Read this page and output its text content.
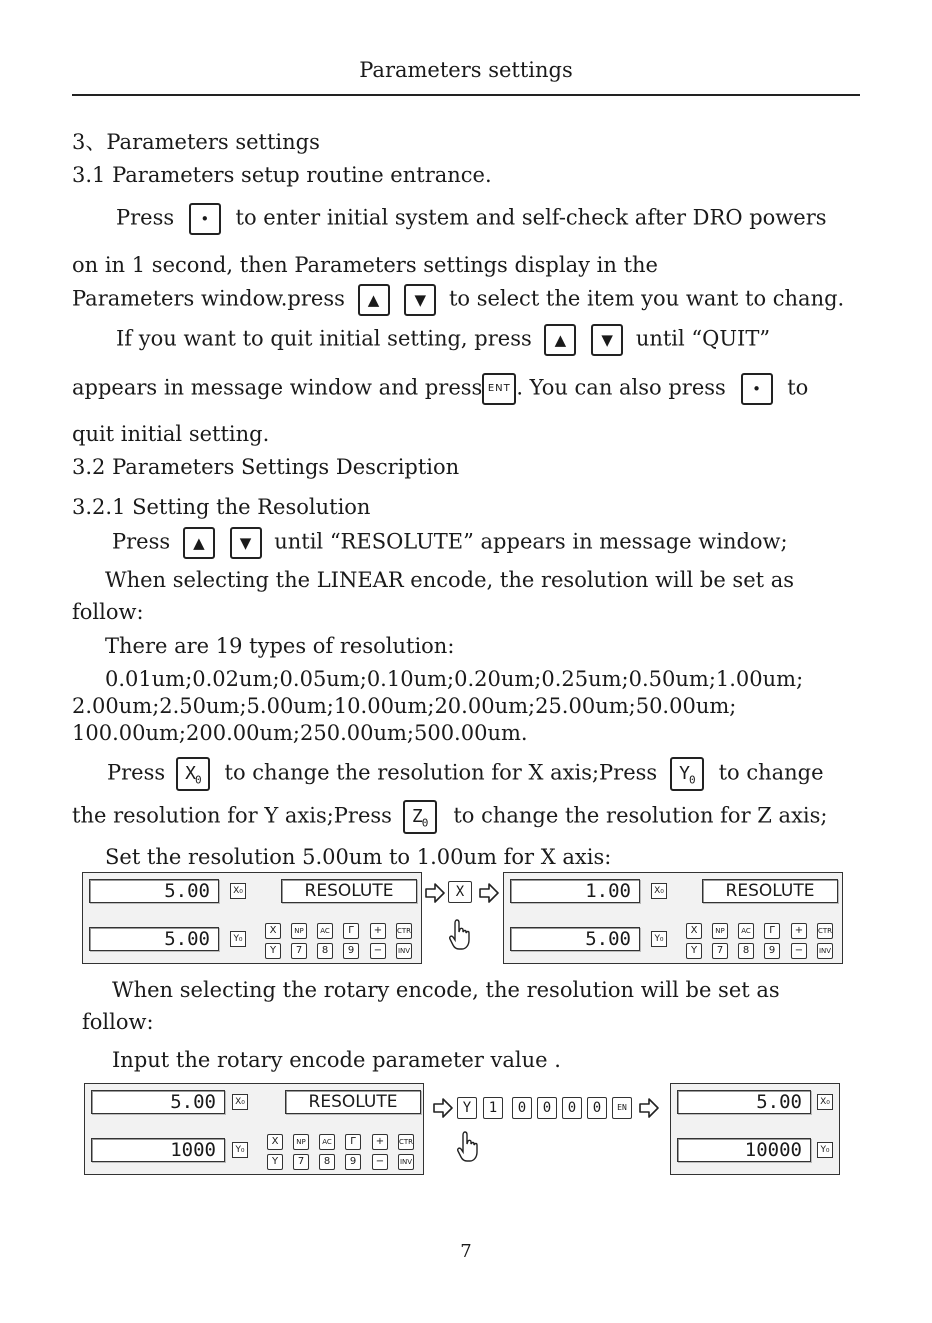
Parameters settings
3、Parameters settings
3.1 Parameters setup routine entrance.
Press • to enter initial system and self-check after DRO powers
on in 1 second, then Parameters settings display in the
Parameters window.press ▲ ▼ to select the item you want to chang.
If you want to quit initial setting, press ▲ ▼ until “QUIT”
appears in message window and press ENT . You can also press • to
quit initial setting.
3.2 Parameters Settings Description
3.2.1 Setting the Resolution
Press ▲ ▼ until “RESOLUTE” appears in message window;
When selecting the LINEAR encode, the resolution will be set as
follow:
There are 19 types of resolution:
0.01um;0.02um;0.05um;0.10um;0.20um;0.25um;0.50um;1.00um;
2.00um;2.50um;5.00um;10.00um;20.00um;25.00um;50.00um;
100.00um;200.00um;250.00um;500.00um.
Press $X_0$ to change the resolution for X axis;Press $Y_0$ to change
the resolution for Y axis;Press $Z_0$ to change the resolution for Z axis;
Set the resolution 5.00um to 1.00um for X axis:
5.00	X₀	RESOLUTE
5.00	Y₀
X	NP	AC	Γ	+	CTR
Y	7	8	9	−	INV
X	1.00	X₀	RESOLUTE
5.00	Y₀
X	NP	AC	Γ	+	CTR
Y	7	8	9	−	INV
When selecting the rotary encode, the resolution will be set as
follow:
Input the rotary encode parameter value .
5.00	X₀	RESOLUTE
1000	Y₀
X	NP	AC	Γ	+	CTR
Y	7	8	9	−	INV
Y	1	0	0	0	0	EN	5.00	X₀
10000	Y₀
7
